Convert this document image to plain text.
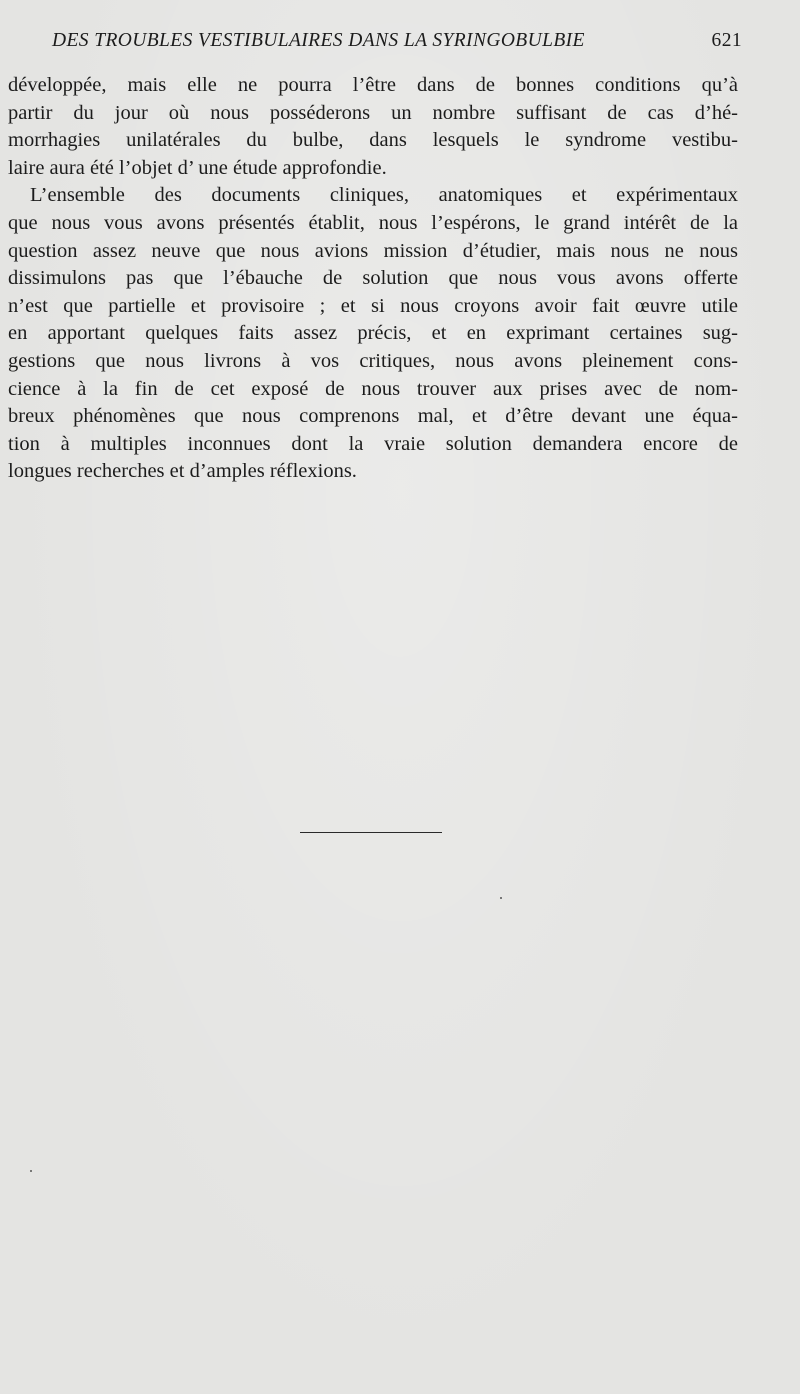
DES TROUBLES VESTIBULAIRES DANS LA SYRINGOBULBIE	621

développée, mais elle ne pourra l’être dans de bonnes conditions qu’à
partir du jour où nous posséderons un nombre suffisant de cas d’hé-
morrhagies unilatérales du bulbe, dans lesquels le syndrome vestibu-
laire aura été l’objet d’ une étude approfondie.

L’ensemble des documents cliniques, anatomiques et expérimentaux
que nous vous avons présentés établit, nous l’espérons, le grand intérêt de la
question assez neuve que nous avions mission d’étudier, mais nous ne nous
dissimulons pas que l’ébauche de solution que nous vous avons offerte
n’est que partielle et provisoire ; et si nous croyons avoir fait œuvre utile
en apportant quelques faits assez précis, et en exprimant certaines sug-
gestions que nous livrons à vos critiques, nous avons pleinement cons-
cience à la fin de cet exposé de nous trouver aux prises avec de nom-
breux phénomènes que nous comprenons mal, et d’être devant une équa-
tion à multiples inconnues dont la vraie solution demandera encore de
longues recherches et d’amples réflexions.
